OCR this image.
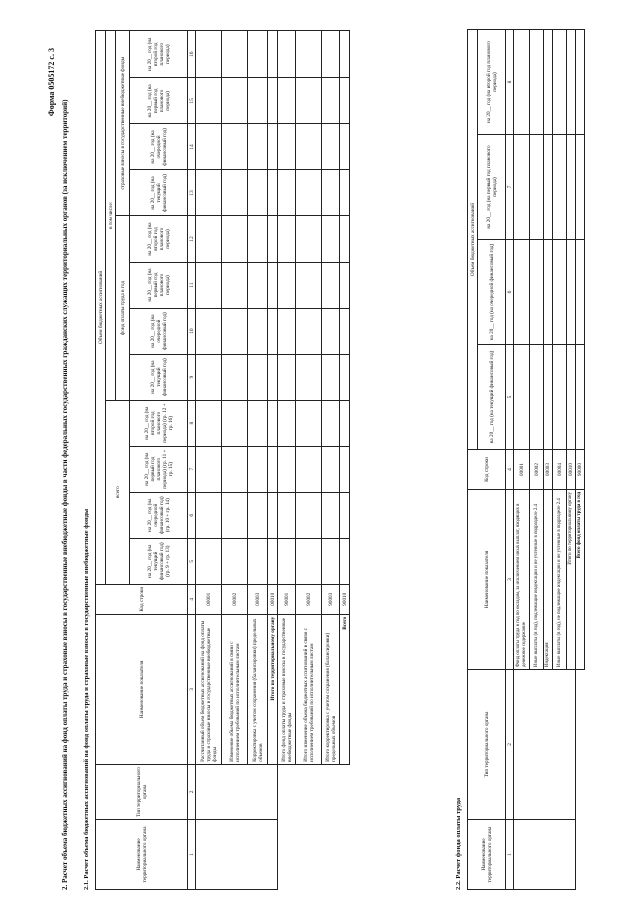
Форма 0505172 с. 3
2. Расчет объема бюджетных ассигнований на фонд оплаты труда и страховые взносы в государственные внебюджетные фонды в части федеральных государственных гражданских служащих территориальных органов (за исключением территорий) 2.1. Расчет объема бюджетных ассигнований на фонд оплаты труда и страховые взносы в государственные внебюджетные фонды	Наименование территориального органа	Тип территориального органа	Наименование показателя	Код строки	Объем бюджетных ассигнований											
				всего				в том числе:							
								фонд оплаты труда в год				страховые взносы в государственные внебюджетные фонды			
				на 20__ год (на текущий финансовый год) (гр. 9 + гр. 13)	на 20__ год (на очередной финансовый год) (гр. 10 + гр. 14)	на 20__ год (на первый год планового периода) (гр. 11 + гр. 15)	на 20__ год (на второй год планового периода) (гр. 12 + гр. 16)	на 20__ год (на текущий финансовый год)	на 20__ год (на очередной финансовый год)	на 20__ год (на первый год планового периода)	на 20__ год (на второй год планового периода)	на 20__ год (на текущий финансовый год)	на 20__ год (на очередной финансовый год)	на 20__ год (на первый год планового периода)	на 20__ год (на второй год планового периода)
1	2	3	4	5	6	7	8	9	10	11	12	13	14	15	16
		Рассчитанный объем бюджетных ассигнований на фонд оплаты труда и страховые взносы в государственные внебюджетные фонды	00001												
		Изменение объема бюджетных ассигнований в связи с исполнением требований по исполнительным листам	00002												
		Корректировка с учетом сохранения (балансировки) предельных объемов	00003												
		Итого по территориальному органу	00010												
		Итого фонд оплаты труда и страховые взносы в государственные внебюджетные фонды	90001												
		Итого изменение объема бюджетных ассигнований в связи с исполнением требований по исполнительным листам	90002												
		Итого корректировка с учетом сохранения (балансировки) предельных объемов	90003												
		Всего	90010												
2.2. Расчет фонда оплаты труда	Наименование территориального органа	Тип территориального органа	Наименование показателя	Код строки	Объем бюджетных ассигнований			
				на 20__ год (на текущий финансовый год)	на 20__ год (на очередной финансовый год)	на 20__ год (на первый год планового периода)	на 20__ год (на второй год планового периода)
1	2	3	4	5	6	7	8
		Фонд оплаты труда в год по окладам, за исключением иных выплат, входящих в денежное содержание	00001				
		Иные выплаты (в год), подлежащие индексации и не учтенные в подразделе 2.4	00002				
		Индексация	00003				
		Иные выплаты (в год), не подлежащие индексации и не учтенные в подразделе 2.4	00004				
		Итого по территориальному органу	00010				
		Всего фонд оплаты труда в год	90000				
